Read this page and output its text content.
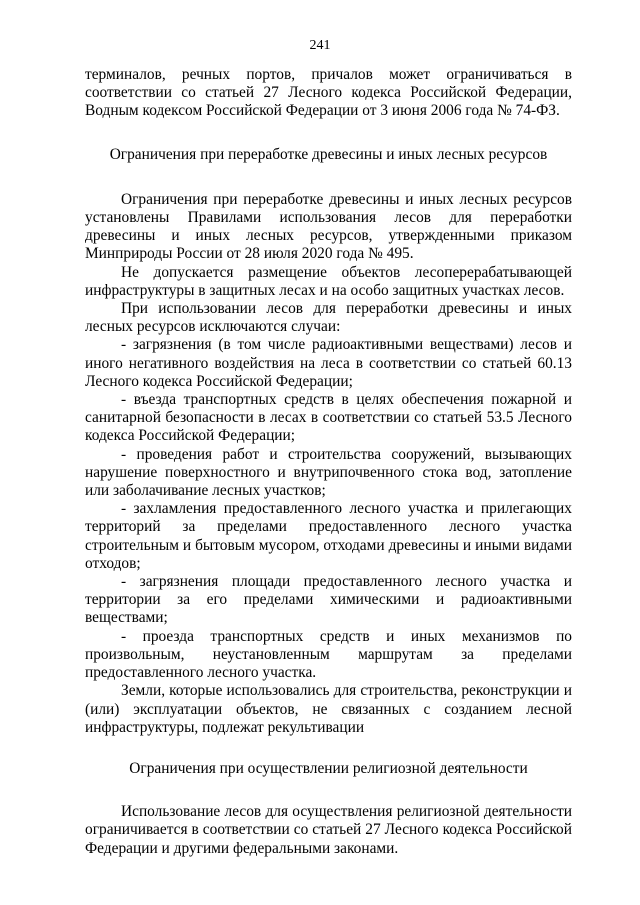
241

терминалов, речных портов, причалов может ограничиваться в соответствии со статьей 27 Лесного кодекса Российской Федерации, Водным кодексом Российской Федерации от 3 июня 2006 года № 74-ФЗ.

Ограничения при переработке древесины и иных лесных ресурсов

Ограничения при переработке древесины и иных лесных ресурсов установлены Правилами использования лесов для переработки древесины и иных лесных ресурсов, утвержденными приказом Минприроды России от 28 июля 2020 года № 495.

Не допускается размещение объектов лесоперерабатывающей инфраструктуры в защитных лесах и на особо защитных участках лесов.

При использовании лесов для переработки древесины и иных лесных ресурсов исключаются случаи:

- загрязнения (в том числе радиоактивными веществами) лесов и иного негативного воздействия на леса в соответствии со статьей 60.13 Лесного кодекса Российской Федерации;

- въезда транспортных средств в целях обеспечения пожарной и санитарной безопасности в лесах в соответствии со статьей 53.5 Лесного кодекса Российской Федерации;

- проведения работ и строительства сооружений, вызывающих нарушение поверхностного и внутрипочвенного стока вод, затопление или заболачивание лесных участков;

- захламления предоставленного лесного участка и прилегающих территорий за пределами предоставленного лесного участка строительным и бытовым мусором, отходами древесины и иными видами отходов;

- загрязнения площади предоставленного лесного участка и территории за его пределами химическими и радиоактивными веществами;

- проезда транспортных средств и иных механизмов по произвольным, неустановленным маршрутам за пределами предоставленного лесного участка.

Земли, которые использовались для строительства, реконструкции и (или) эксплуатации объектов, не связанных с созданием лесной инфраструктуры, подлежат рекультивации

Ограничения при осуществлении религиозной деятельности

Использование лесов для осуществления религиозной деятельности ограничивается в соответствии со статьей 27 Лесного кодекса Российской Федерации и другими федеральными законами.
